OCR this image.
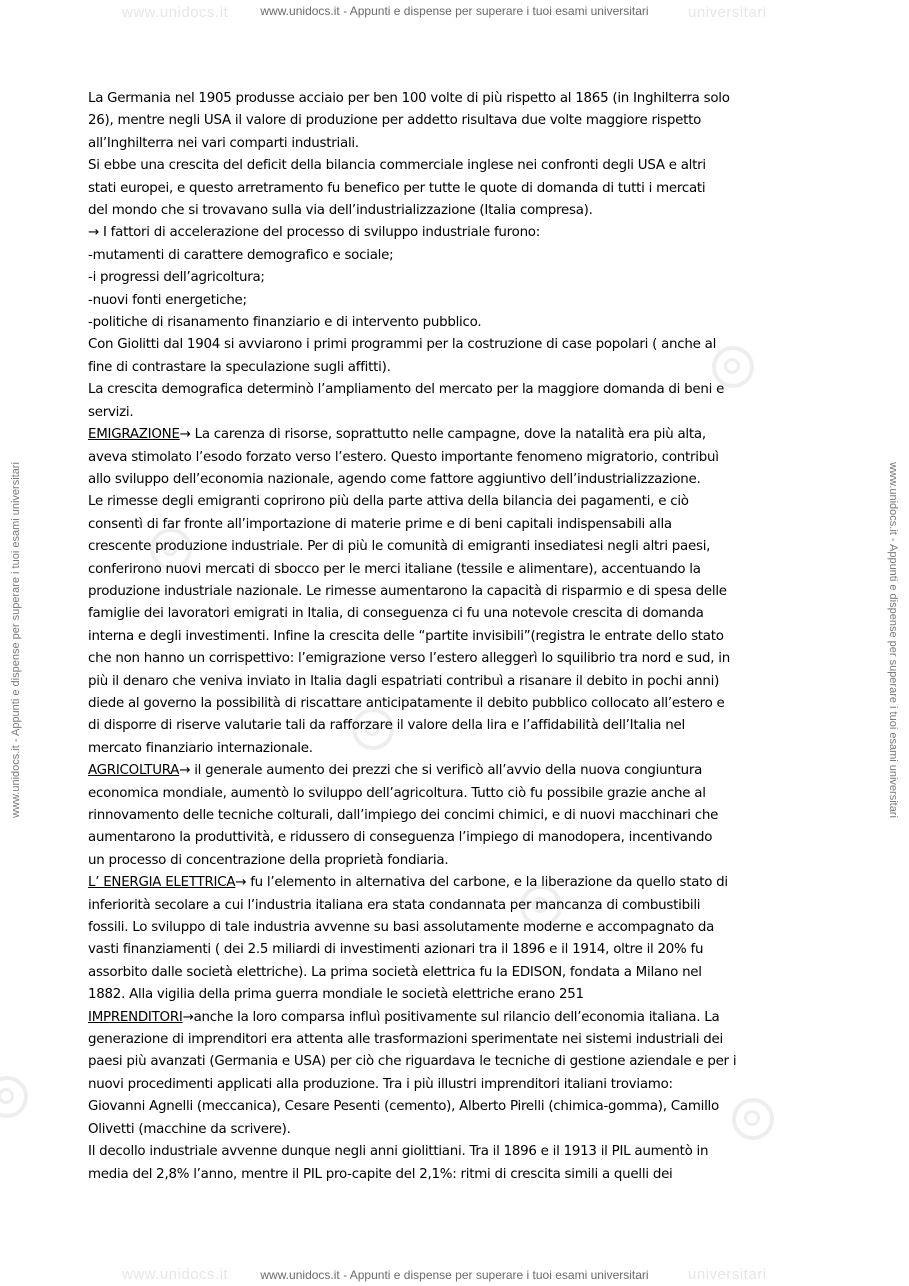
www.unidocs.it	universitari
www.unidocs.it	universitari
www.unidocs.it - Appunti e dispense per superare i tuoi esami universitari
www.unidocs.it - Appunti e dispense per superare i tuoi esami universitari
www.unidocs.it - Appunti e dispense per superare i tuoi esami universitari	www.unidocs.it - Appunti e dispense per superare i tuoi esami universitari

La Germania nel 1905 produsse acciaio per ben 100 volte di più rispetto al 1865 (in Inghilterra solo

26), mentre negli USA il valore di produzione per addetto risultava due volte maggiore rispetto

all’Inghilterra nei vari comparti industriali.

Si ebbe una crescita del deficit della bilancia commerciale inglese nei confronti degli USA e altri

stati europei, e questo arretramento fu benefico per tutte le quote di domanda di tutti i mercati

del mondo che si trovavano sulla via dell’industrializzazione (Italia compresa).

→ I fattori di accelerazione del processo di sviluppo industriale furono:

-mutamenti di carattere demografico e sociale;

-i progressi dell’agricoltura;

-nuovi fonti energetiche;

-politiche di risanamento finanziario e di intervento pubblico.

Con Giolitti dal 1904 si avviarono i primi programmi per la costruzione di case popolari ( anche al

fine di contrastare la speculazione sugli affitti).

La crescita demografica determinò l’ampliamento del mercato per la maggiore domanda di beni e

servizi.

EMIGRAZIONE→ La carenza di risorse, soprattutto nelle campagne, dove la natalità era più alta,

aveva stimolato l’esodo forzato verso l’estero. Questo importante fenomeno migratorio, contribuì

allo sviluppo dell’economia nazionale, agendo come fattore aggiuntivo dell’industrializzazione.

Le rimesse degli emigranti coprirono più della parte attiva della bilancia dei pagamenti, e ciò

consentì di far fronte all’importazione di materie prime e di beni capitali indispensabili alla

crescente produzione industriale. Per di più le comunità di emigranti insediatesi negli altri paesi,

conferirono nuovi mercati di sbocco per le merci italiane (tessile e alimentare), accentuando la

produzione industriale nazionale. Le rimesse aumentarono la capacità di risparmio e di spesa delle

famiglie dei lavoratori emigrati in Italia, di conseguenza ci fu una notevole crescita di domanda

interna e degli investimenti. Infine la crescita delle “partite invisibili”(registra le entrate dello stato

che non hanno un corrispettivo: l’emigrazione verso l’estero alleggerì lo squilibrio tra nord e sud, in

più il denaro che veniva inviato in Italia dagli espatriati contribuì a risanare il debito in pochi anni)

diede al governo la possibilità di riscattare anticipatamente il debito pubblico collocato all’estero e

di disporre di riserve valutarie tali da rafforzare il valore della lira e l’affidabilità dell’Italia nel

mercato finanziario internazionale.

AGRICOLTURA→ il generale aumento dei prezzi che si verificò all’avvio della nuova congiuntura

economica mondiale, aumentò lo sviluppo dell’agricoltura. Tutto ciò fu possibile grazie anche al

rinnovamento delle tecniche colturali, dall’impiego dei concimi chimici, e di nuovi macchinari che

aumentarono la produttività, e ridussero di conseguenza l’impiego di manodopera, incentivando

un processo di concentrazione della proprietà fondiaria.

L’ ENERGIA ELETTRICA→ fu l’elemento in alternativa del carbone, e la liberazione da quello stato di

inferiorità secolare a cui l’industria italiana era stata condannata per mancanza di combustibili

fossili. Lo sviluppo di tale industria avvenne su basi assolutamente moderne e accompagnato da

vasti finanziamenti ( dei 2.5 miliardi di investimenti azionari tra il 1896 e il 1914, oltre il 20% fu

assorbito dalle società elettriche). La prima società elettrica fu la EDISON, fondata a Milano nel

1882. Alla vigilia della prima guerra mondiale le società elettriche erano 251

IMPRENDITORI→anche la loro comparsa influì positivamente sul rilancio dell’economia italiana. La

generazione di imprenditori era attenta alle trasformazioni sperimentate nei sistemi industriali dei

paesi più avanzati (Germania e USA) per ciò che riguardava le tecniche di gestione aziendale e per i

nuovi procedimenti applicati alla produzione. Tra i più illustri imprenditori italiani troviamo:

Giovanni Agnelli (meccanica), Cesare Pesenti (cemento), Alberto Pirelli (chimica-gomma), Camillo

Olivetti (macchine da scrivere).

Il decollo industriale avvenne dunque negli anni giolittiani. Tra il 1896 e il 1913 il PIL aumentò in

media del 2,8% l’anno, mentre il PIL pro-capite del 2,1%: ritmi di crescita simili a quelli dei
